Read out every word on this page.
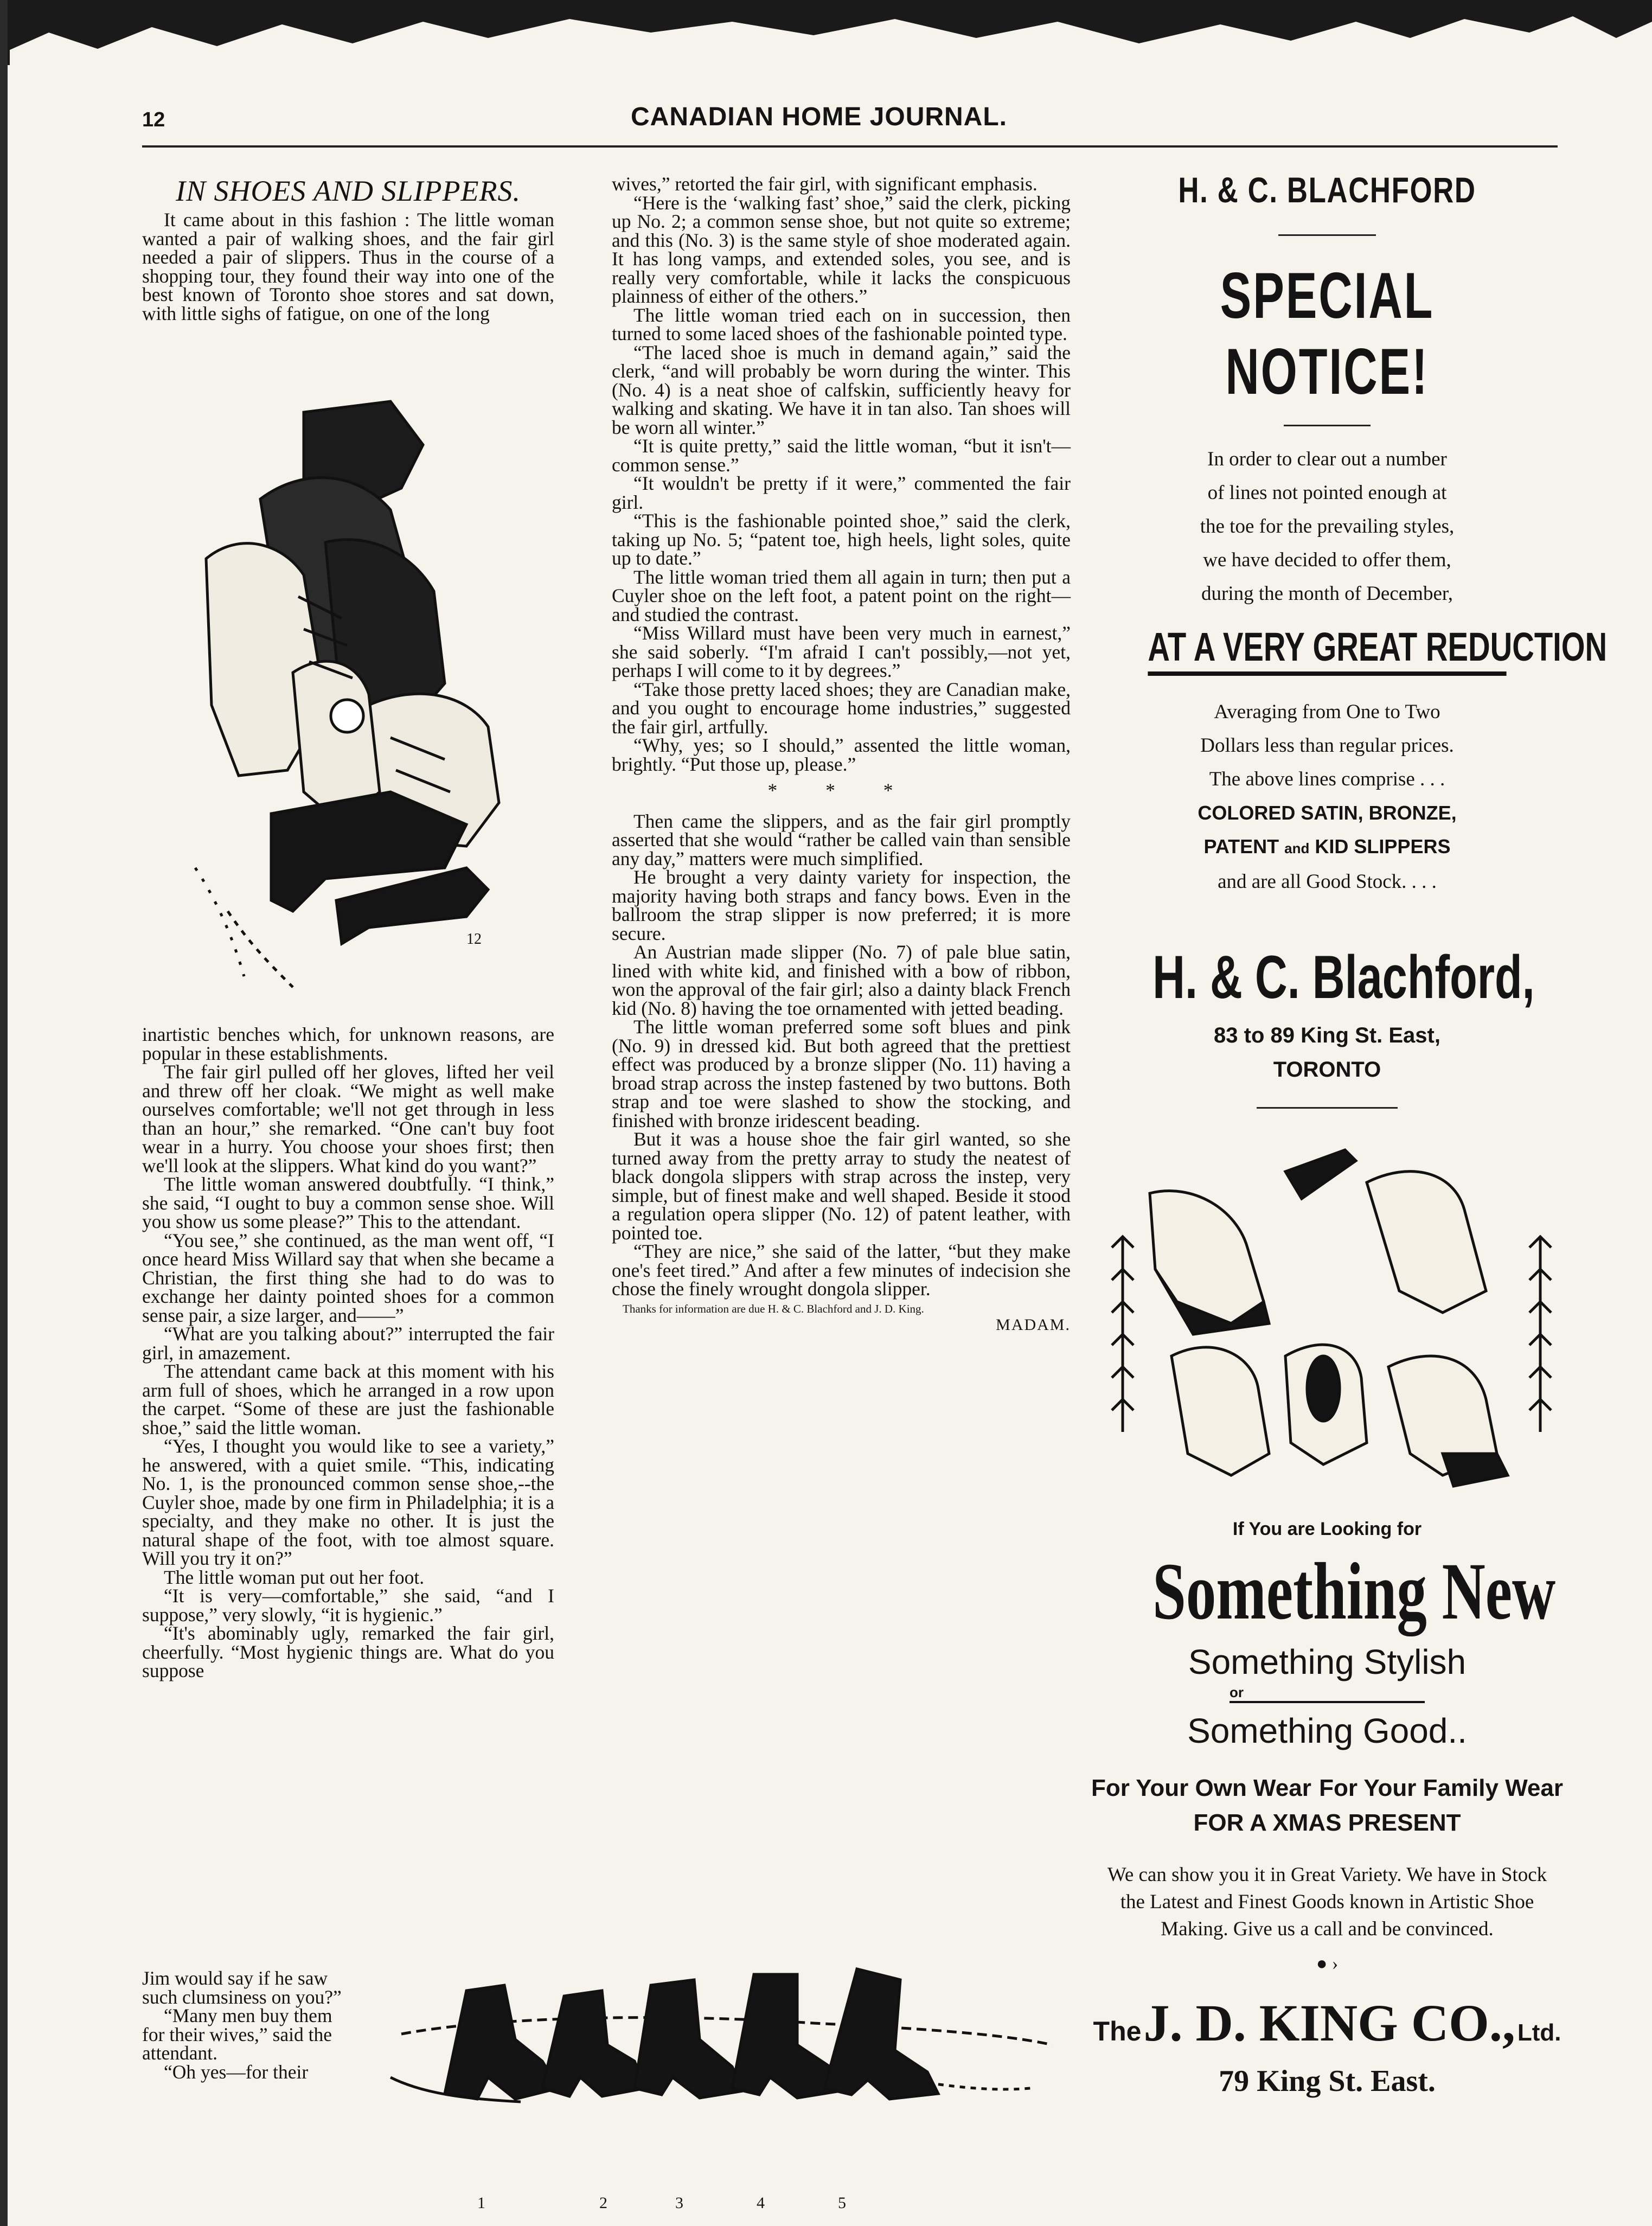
12	CANADIAN HOME JOURNAL.
IN SHOES AND SLIPPERS.

It came about in this fashion : The little woman wanted a pair of walking shoes, and the fair girl needed a pair of slippers. Thus in the course of a shopping tour, they found their way into one of the best known of Toronto shoe stores and sat down, with little sighs of fatigue, on one of the long

12

inartistic benches which, for unknown reasons, are popular in these establishments.

The fair girl pulled off her gloves, lifted her veil and threw off her cloak. “We might as well make ourselves comfortable; we'll not get through in less than an hour,” she remarked. “One can't buy foot wear in a hurry. You choose your shoes first; then we'll look at the slippers. What kind do you want?”

The little woman answered doubtfully. “I think,” she said, “I ought to buy a common sense shoe. Will you show us some please?” This to the attendant.

“You see,” she continued, as the man went off, “I once heard Miss Willard say that when she became a Christian, the first thing she had to do was to exchange her dainty pointed shoes for a common sense pair, a size larger, and——”

“What are you talking about?” interrupted the fair girl, in amazement.

The attendant came back at this moment with his arm full of shoes, which he arranged in a row upon the carpet. “Some of these are just the fashionable shoe,” said the little woman.

“Yes, I thought you would like to see a variety,” he answered, with a quiet smile. “This, indicating No. 1, is the pronounced common sense shoe,--the Cuyler shoe, made by one firm in Philadelphia; it is a specialty, and they make no other. It is just the natural shape of the foot, with toe almost square. Will you try it on?”

The little woman put out her foot.

“It is very—comfortable,” she said, “and I suppose,” very slowly, “it is hygienic.”

“It's abominably ugly, remarked the fair girl, cheerfully. “Most hygienic things are. What do you suppose

Jim would say if he saw such clumsiness on you?”

“Many men buy them for their wives,” said the attendant.

“Oh yes—for their

wives,” retorted the fair girl, with significant emphasis.

“Here is the ‘walking fast’ shoe,” said the clerk, picking up No. 2; a common sense shoe, but not quite so extreme; and this (No. 3) is the same style of shoe moderated again. It has long vamps, and extended soles, you see, and is really very comfortable, while it lacks the conspicuous plainness of either of the others.”

The little woman tried each on in succession, then turned to some laced shoes of the fashionable pointed type.

“The laced shoe is much in demand again,” said the clerk, “and will probably be worn during the winter. This (No. 4) is a neat shoe of calfskin, sufficiently heavy for walking and skating. We have it in tan also. Tan shoes will be worn all winter.”

“It is quite pretty,” said the little woman, “but it isn't—common sense.”

“It wouldn't be pretty if it were,” commented the fair girl.

“This is the fashionable pointed shoe,” said the clerk, taking up No. 5; “patent toe, high heels, light soles, quite up to date.”

The little woman tried them all again in turn; then put a Cuyler shoe on the left foot, a patent point on the right—and studied the contrast.

“Miss Willard must have been very much in earnest,” she said soberly. “I'm afraid I can't possibly,—not yet, perhaps I will come to it by degrees.”

“Take those pretty laced shoes; they are Canadian make, and you ought to encourage home industries,” suggested the fair girl, artfully.

“Why, yes; so I should,” assented the little woman, brightly. “Put those up, please.”

* * *

Then came the slippers, and as the fair girl promptly asserted that she would “rather be called vain than sensible any day,” matters were much simplified.

He brought a very dainty variety for inspection, the majority having both straps and fancy bows. Even in the ballroom the strap slipper is now preferred; it is more secure.

An Austrian made slipper (No. 7) of pale blue satin, lined with white kid, and finished with a bow of ribbon, won the approval of the fair girl; also a dainty black French kid (No. 8) having the toe ornamented with jetted beading.

The little woman preferred some soft blues and pink (No. 9) in dressed kid. But both agreed that the prettiest effect was produced by a bronze slipper (No. 11) having a broad strap across the instep fastened by two buttons. Both strap and toe were slashed to show the stocking, and finished with bronze iridescent beading.

But it was a house shoe the fair girl wanted, so she turned away from the pretty array to study the neatest of black dongola slippers with strap across the instep, very simple, but of finest make and well shaped. Beside it stood a regulation opera slipper (No. 12) of patent leather, with pointed toe.

“They are nice,” she said of the latter, “but they make one's feet tired.” And after a few minutes of indecision she chose the finely wrought dongola slipper.

Thanks for information are due H. & C. Blachford and J. D. King.

MADAM.

1	2	3	4	5
H. & C. BLACHFORD
SPECIAL NOTICE!
In order to clear out a number
of lines not pointed enough at
the toe for the prevailing styles,
we have decided to offer them,
during the month of December,
AT A VERY GREAT REDUCTION
Averaging from One to Two
Dollars less than regular prices.
The above lines comprise . . .
COLORED SATIN, BRONZE,
PATENT and KID SLIPPERS
and are all Good Stock. . . .
H. & C. Blachford,
83 to 89 King St. East,
TORONTO
If You are Looking for
Something New
Something Stylish
or
Something Good..
For Your Own Wear For Your Family Wear
FOR A XMAS PRESENT
We can show you it in Great Variety. We have in Stock the Latest and Finest Goods known in Artistic Shoe Making. Give us a call and be convinced.
● ›
The J. D. KING CO., Ltd.
79 King St. East.
